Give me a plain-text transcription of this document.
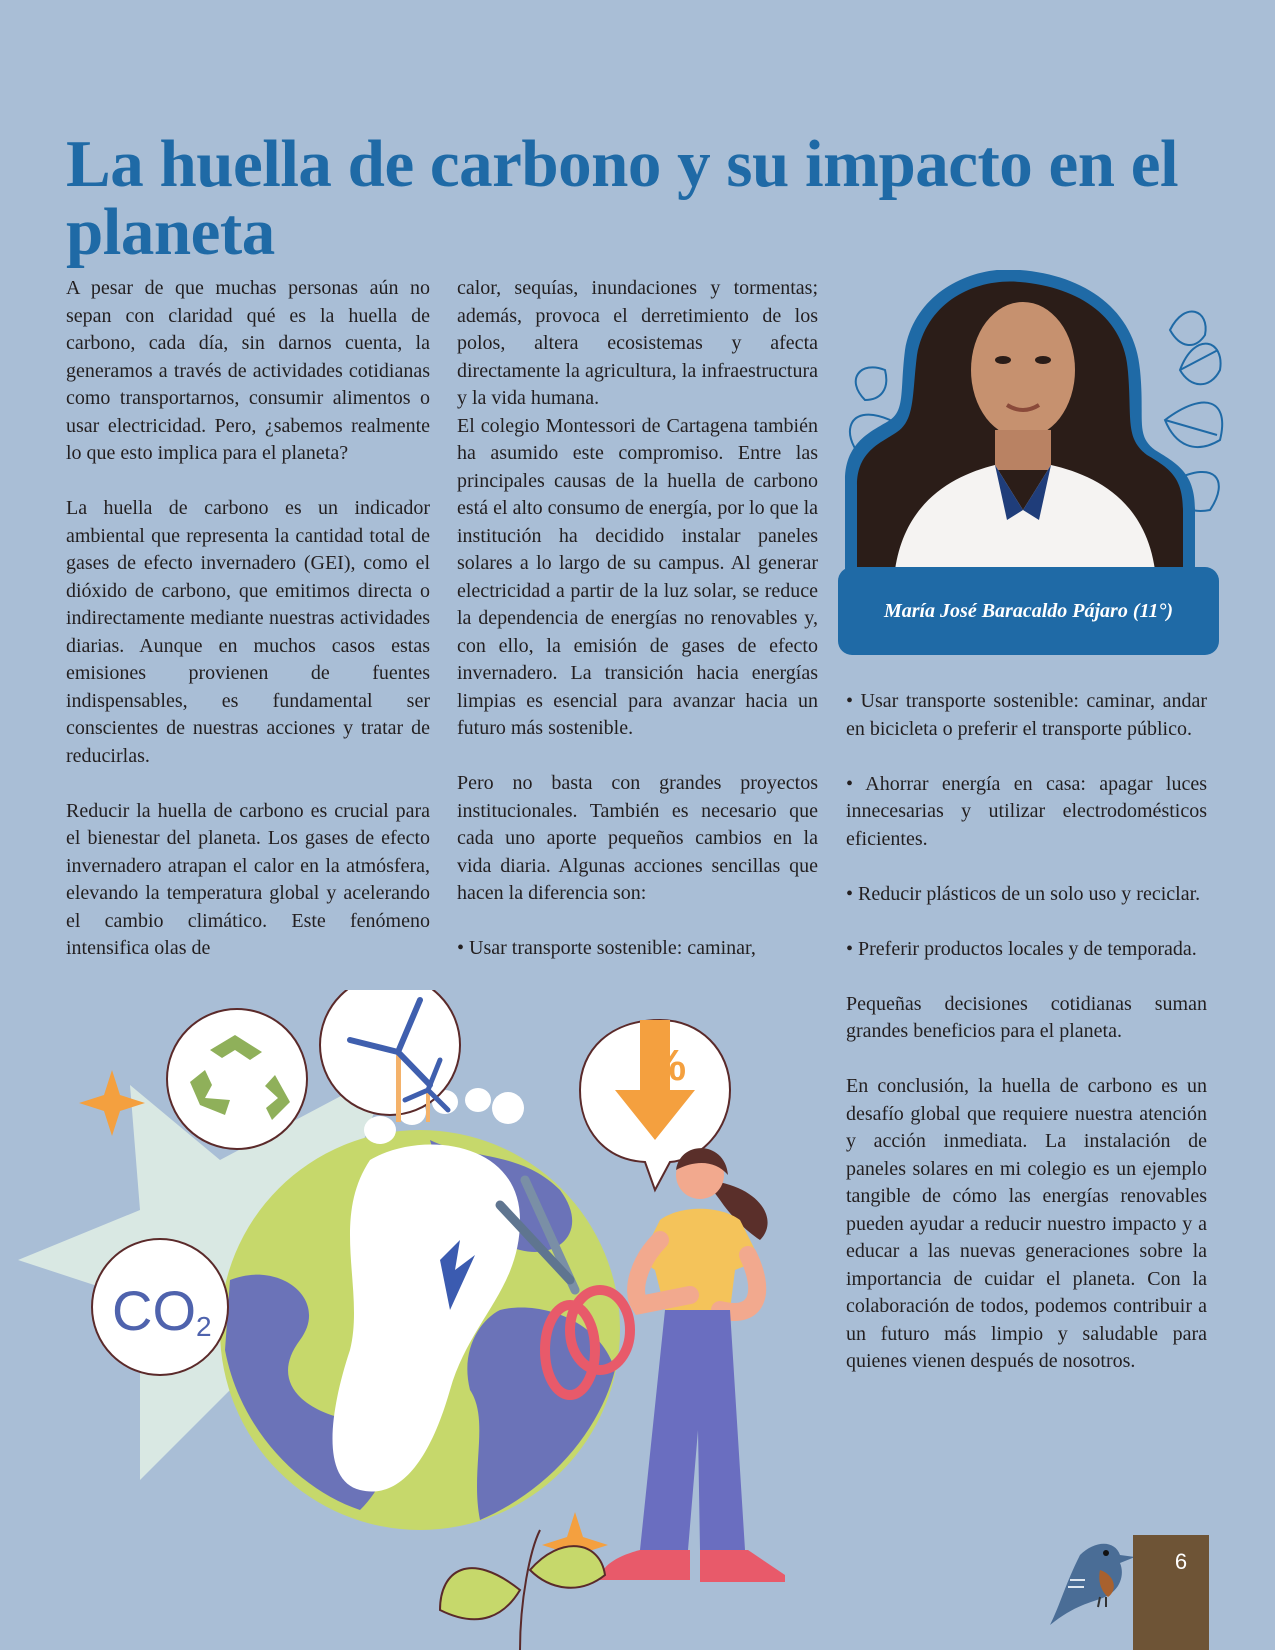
La huella de carbono y su impacto en el planeta

A pesar de que muchas personas aún no sepan con claridad qué es la huella de carbono, cada día, sin darnos cuenta, la generamos a través de actividades cotidianas como transportarnos, consumir alimentos o usar electricidad. Pero, ¿sabemos realmente lo que esto implica para el planeta?

La huella de carbono es un indicador ambiental que representa la cantidad total de gases de efecto invernadero (GEI), como el dióxido de carbono, que emitimos directa o indirectamente mediante nuestras actividades diarias. Aunque en muchos casos estas emisiones provienen de fuentes indispensables, es fundamental ser conscientes de nuestras acciones y tratar de reducirlas.

Reducir la huella de carbono es crucial para el bienestar del planeta. Los gases de efecto invernadero atrapan el calor en la atmósfera, elevando la temperatura global y acelerando el cambio climático. Este fenómeno intensifica olas de

calor, sequías, inundaciones y tormentas; además, provoca el derretimiento de los polos, altera ecosistemas y afecta directamente la agricultura, la infraestructura y la vida humana.

El colegio Montessori de Cartagena también ha asumido este compromiso. Entre las principales causas de la huella de carbono está el alto consumo de energía, por lo que la institución ha decidido instalar paneles solares a lo largo de su campus. Al generar electricidad a partir de la luz solar, se reduce la dependencia de energías no renovables y, con ello, la emisión de gases de efecto invernadero. La transición hacia energías limpias es esencial para avanzar hacia un futuro más sostenible.

Pero no basta con grandes proyectos institucionales. También es necesario que cada uno aporte pequeños cambios en la vida diaria. Algunas acciones sencillas que hacen la diferencia son:

• Usar transporte sostenible: caminar,

María José Baracaldo Pájaro (11°)

• Usar transporte sostenible: caminar, andar en bicicleta o preferir el transporte público.

• Ahorrar energía en casa: apagar luces innecesarias y utilizar electrodomésticos eficientes.

• Reducir plásticos de un solo uso y reciclar.

• Preferir productos locales y de temporada.

Pequeñas decisiones cotidianas suman grandes beneficios para el planeta.

En conclusión, la huella de carbono es un desafío global que requiere nuestra atención y acción inmediata. La instalación de paneles solares en mi colegio es un ejemplo tangible de cómo las energías renovables pueden ayudar a reducir nuestro impacto y a educar a las nuevas generaciones sobre la importancia de cuidar el planeta. Con la colaboración de todos, podemos contribuir a un futuro más limpio y saludable para quienes vienen después de nosotros.

CO2
%
6
